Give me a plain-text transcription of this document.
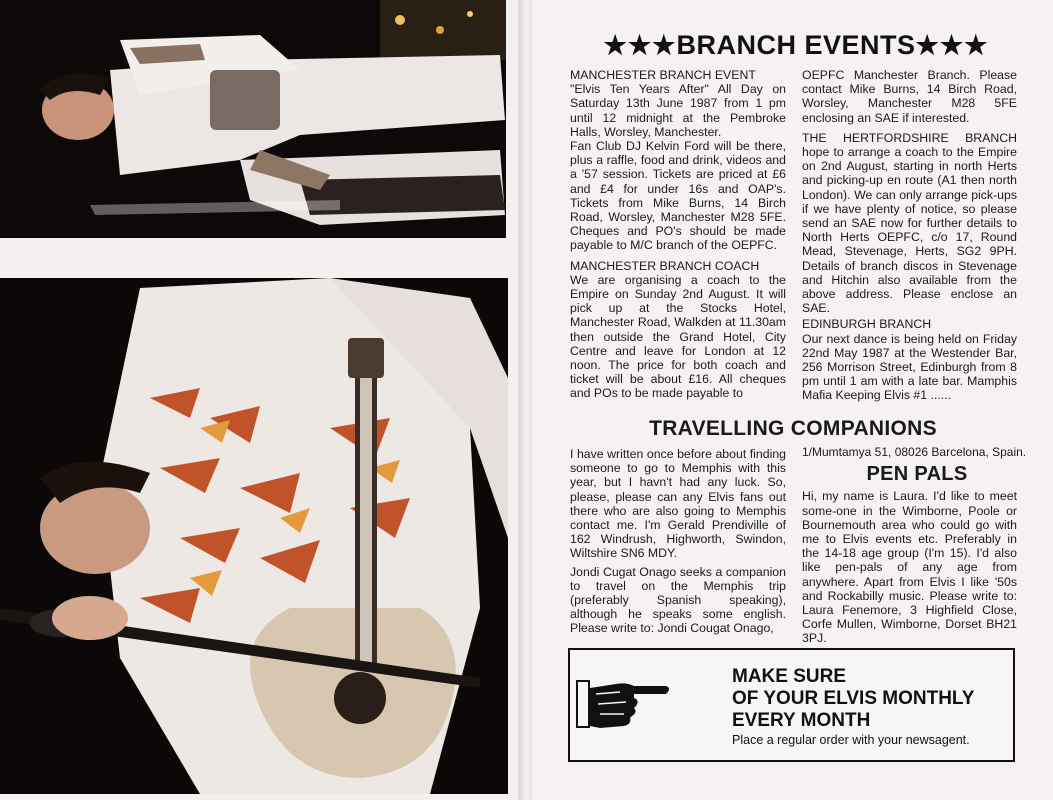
★★★ BRANCH EVENTS ★★★

MANCHESTER BRANCH EVENT

"Elvis Ten Years After" All Day on Saturday 13th June 1987 from 1 pm until 12 midnight at the Pembroke Halls, Worsley, Manchester.

Fan Club DJ Kelvin Ford will be there, plus a raffle, food and drink, videos and a '57 session. Tickets are priced at £6 and £4 for under 16s and OAP's. Tickets from Mike Burns, 14 Birch Road, Worsley, Manchester M28 5FE. Cheques and PO's should be made payable to M/C branch of the OEPFC.

MANCHESTER BRANCH COACH

We are organising a coach to the Empire on Sunday 2nd August. It will pick up at the Stocks Hotel, Manchester Road, Walkden at 11.30am then outside the Grand Hotel, City Centre and leave for London at 12 noon. The price for both coach and ticket will be about £16. All cheques and POs to be made payable to

OEPFC Manchester Branch. Please contact Mike Burns, 14 Birch Road, Worsley, Manchester M28 5FE enclosing an SAE if interested.

THE HERTFORDSHIRE BRANCH hope to arrange a coach to the Empire on 2nd August, starting in north Herts and picking-up en route (A1 then north London). We can only arrange pick-ups if we have plenty of notice, so please send an SAE now for further details to North Herts OEPFC, c/o 17, Round Mead, Stevenage, Herts, SG2 9PH. Details of branch discos in Stevenage and Hitchin also available from the above address. Please enclose an SAE.

EDINBURGH BRANCH

Our next dance is being held on Friday 22nd May 1987 at the Westender Bar, 256 Morrison Street, Edinburgh from 8 pm until 1 am with a late bar. Mamphis Mafia Keeping Elvis #1 ......

TRAVELLING COMPANIONS

I have written once before about finding someone to go to Memphis with this year, but I havn't had any luck. So, please, please can any Elvis fans out there who are also going to Memphis contact me. I'm Gerald Prendiville of 162 Windrush, Highworth, Swindon, Wiltshire SN6 MDY.

Jondi Cugat Onago seeks a companion to travel on the Memphis trip (preferably Spanish speaking), although he speaks some english. Please write to: Jondi Cougat Onago,

1/Mumtamya 51, 08026 Barcelona, Spain.

PEN PALS

Hi, my name is Laura. I'd like to meet some-one in the Wimborne, Poole or Bournemouth area who could go with me to Elvis events etc. Preferably in the 14-18 age group (I'm 15). I'd also like pen-pals of any age from anywhere. Apart from Elvis I like '50s and Rockabilly music. Please write to: Laura Fenemore, 3 Highfield Close, Corfe Mullen, Wimborne, Dorset BH21 3PJ.

MAKE SURE
OF YOUR ELVIS MONTHLY
EVERY MONTH
Place a regular order with your newsagent.
